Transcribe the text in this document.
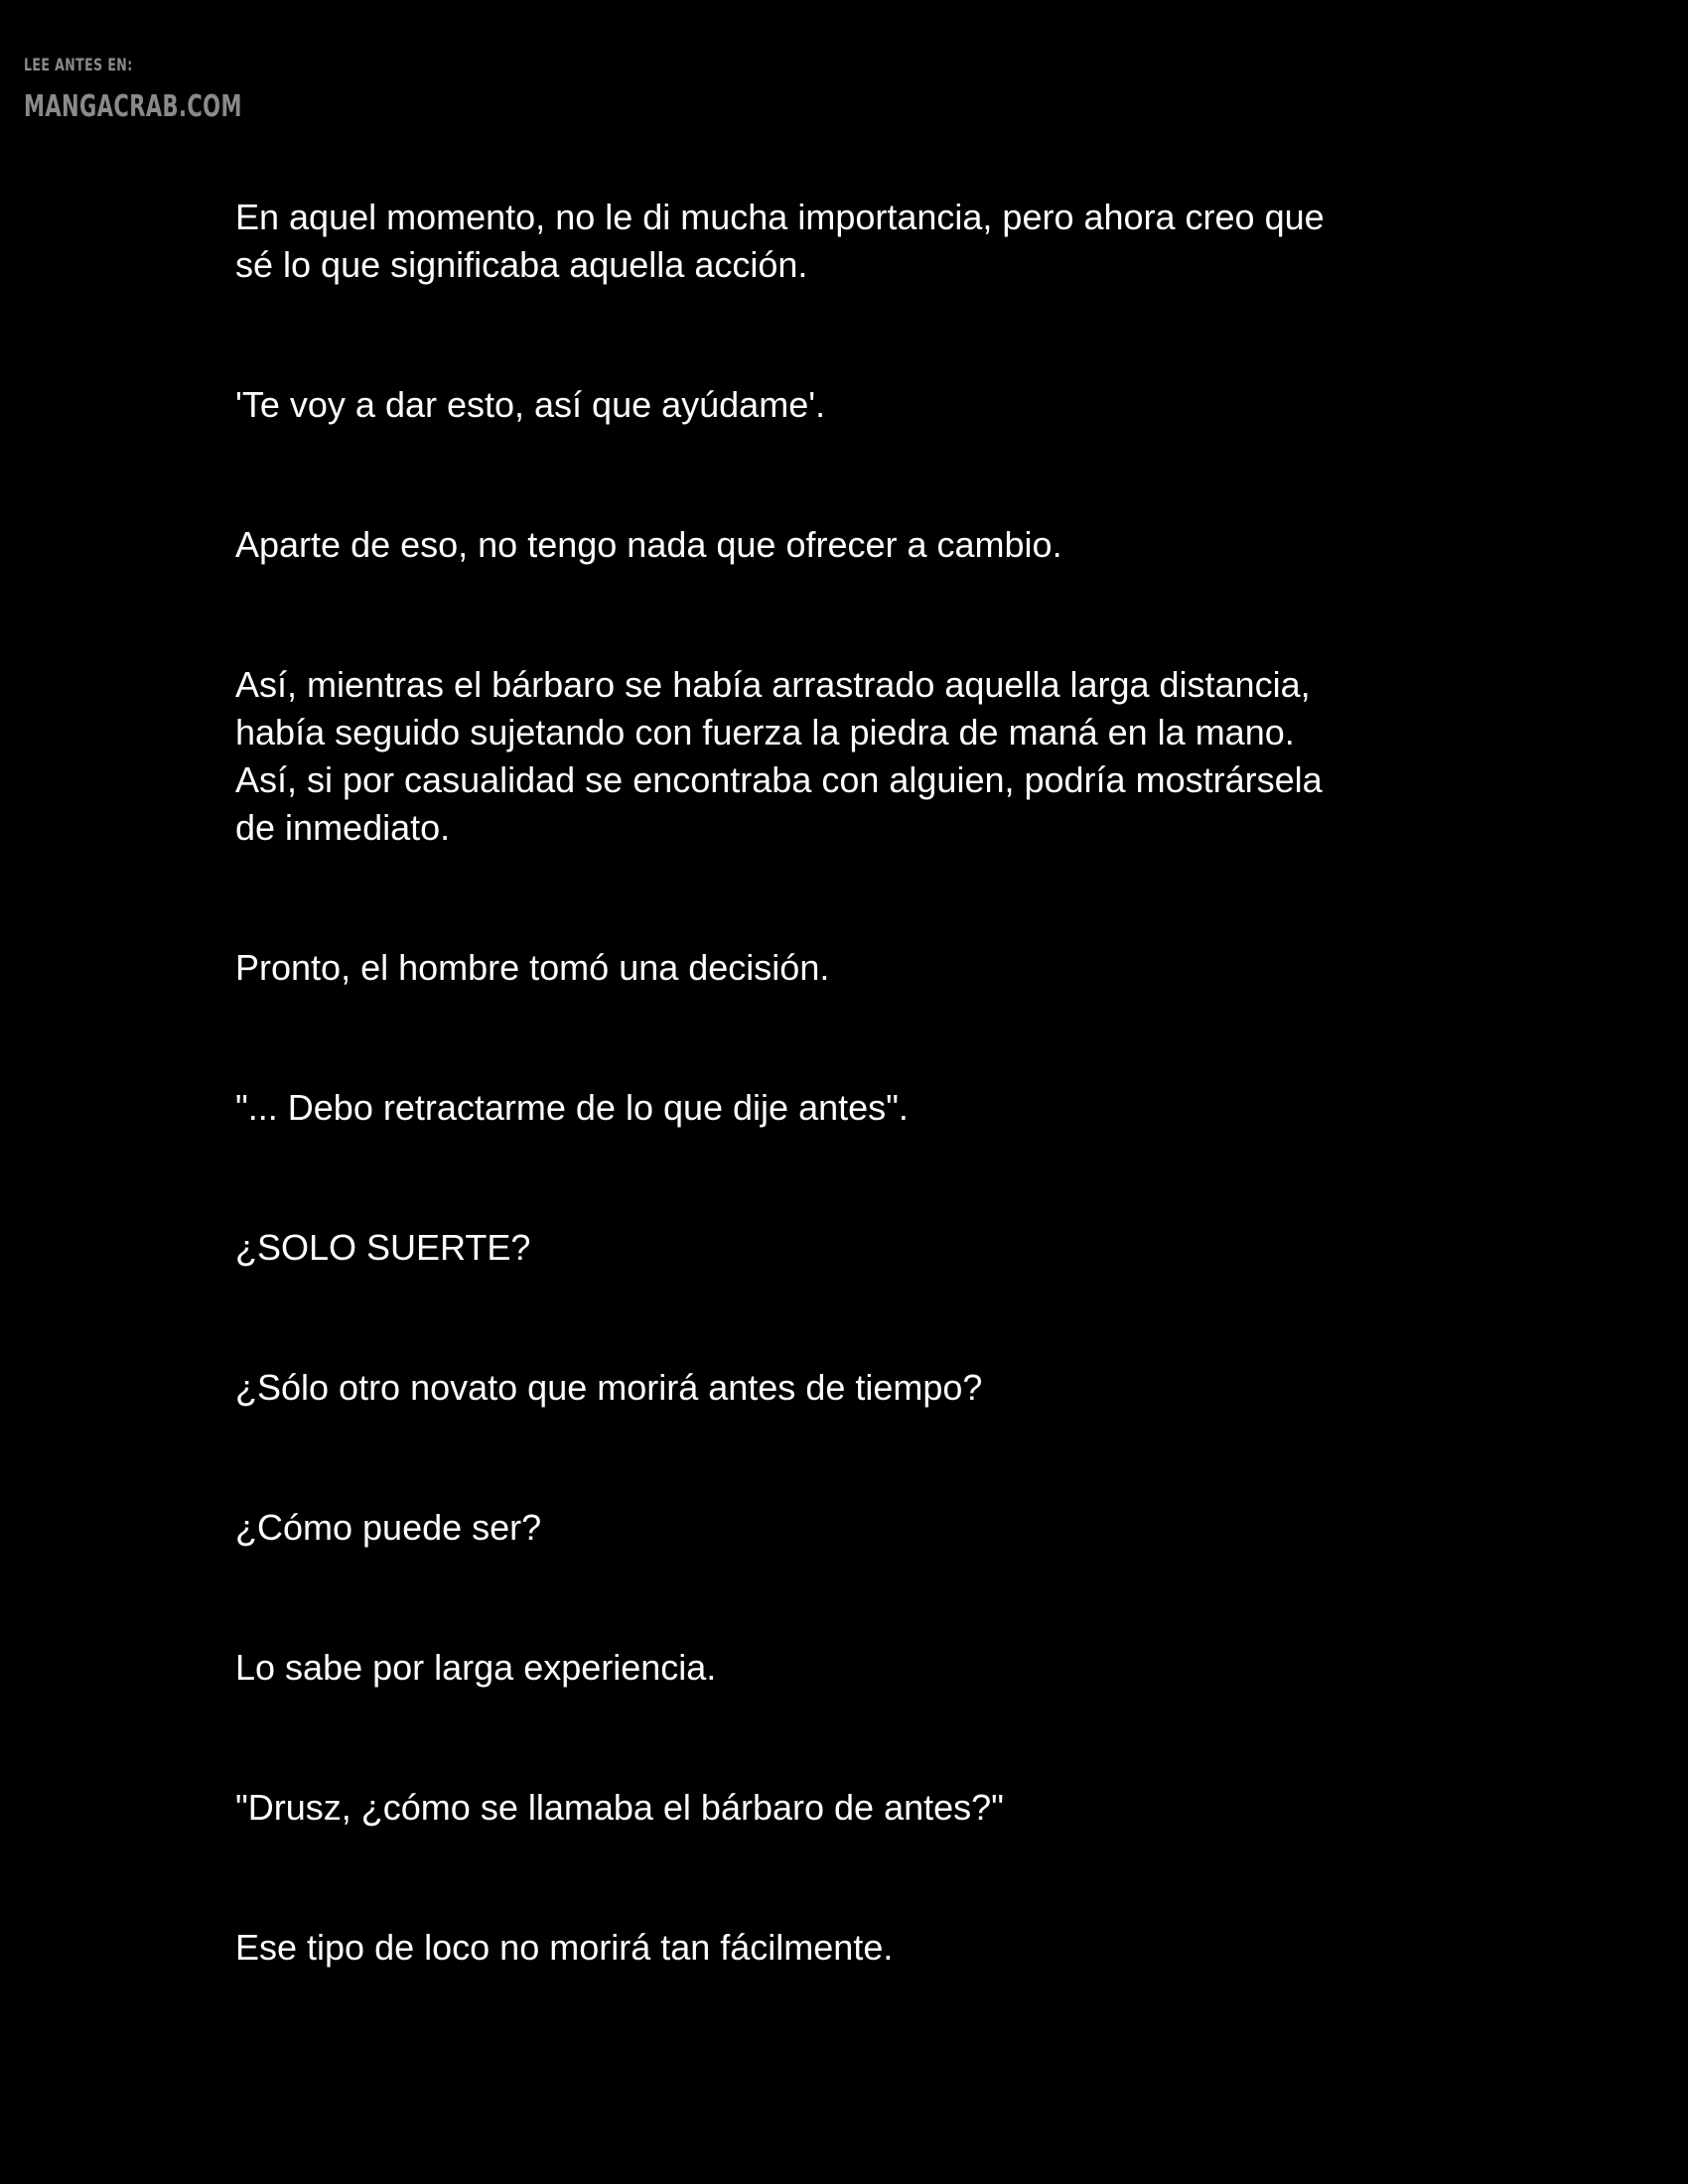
LEE ANTES EN:
MANGACRAB.COM

En aquel momento, no le di mucha importancia, pero ahora creo que
sé lo que significaba aquella acción.

'Te voy a dar esto, así que ayúdame'.

Aparte de eso, no tengo nada que ofrecer a cambio.

Así, mientras el bárbaro se había arrastrado aquella larga distancia,
había seguido sujetando con fuerza la piedra de maná en la mano.
Así, si por casualidad se encontraba con alguien, podría mostrársela
de inmediato.

Pronto, el hombre tomó una decisión.

"... Debo retractarme de lo que dije antes".

¿SOLO SUERTE?

¿Sólo otro novato que morirá antes de tiempo?

¿Cómo puede ser?

Lo sabe por larga experiencia.

"Drusz, ¿cómo se llamaba el bárbaro de antes?"

Ese tipo de loco no morirá tan fácilmente.
